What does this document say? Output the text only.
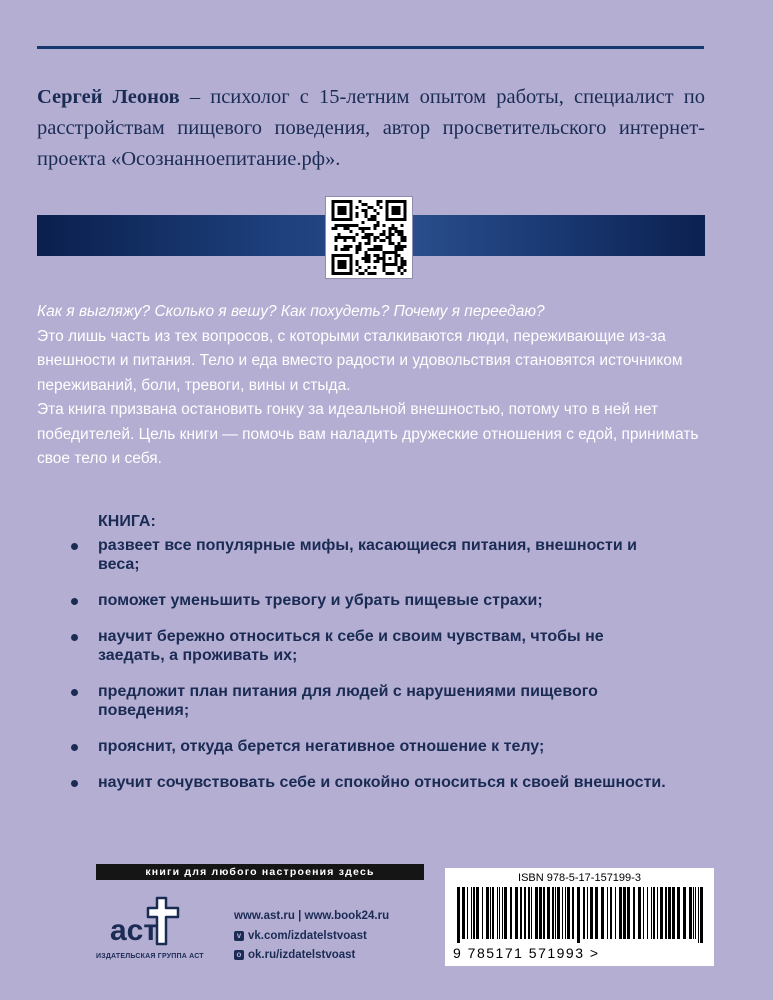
Сергей Леонов – психолог с 15-летним опытом работы, специалист по расстройствам пищевого поведения, автор просветительского интернет-проекта «Осознанноепитание.рф».

Как я выгляжу? Сколько я вешу? Как похудеть? Почему я переедаю?

Это лишь часть из тех вопросов, с которыми сталкиваются люди, переживающие из-за внешности и питания. Тело и еда вместо радости и удовольствия становятся источником переживаний, боли, тревоги, вины и стыда.

Эта книга призвана остановить гонку за идеальной внешностью, потому что в ней нет победителей. Цель книги — помочь вам наладить дружеские отношения с едой, принимать свое тело и себя.

КНИГА:
развеет все популярные мифы, касающиеся питания, внешности и веса;
поможет уменьшить тревогу и убрать пищевые страхи;
научит бережно относиться к себе и своим чувствам, чтобы не заедать, а проживать их;
предложит план питания для людей с нарушениями пищевого поведения;
прояснит, откуда берется негативное отношение к телу;
научит сочувствовать себе и спокойно относиться к своей внешности.
книги для любого настроения здесь
аст
ИЗДАТЕЛЬСКАЯ ГРУППА АСТ
www.ast.ru | www.book24.ru
v vk.com/izdatelstvoast
o ok.ru/izdatelstvoast
ISBN 978-5-17-157199-3
9 785171 571993 >
